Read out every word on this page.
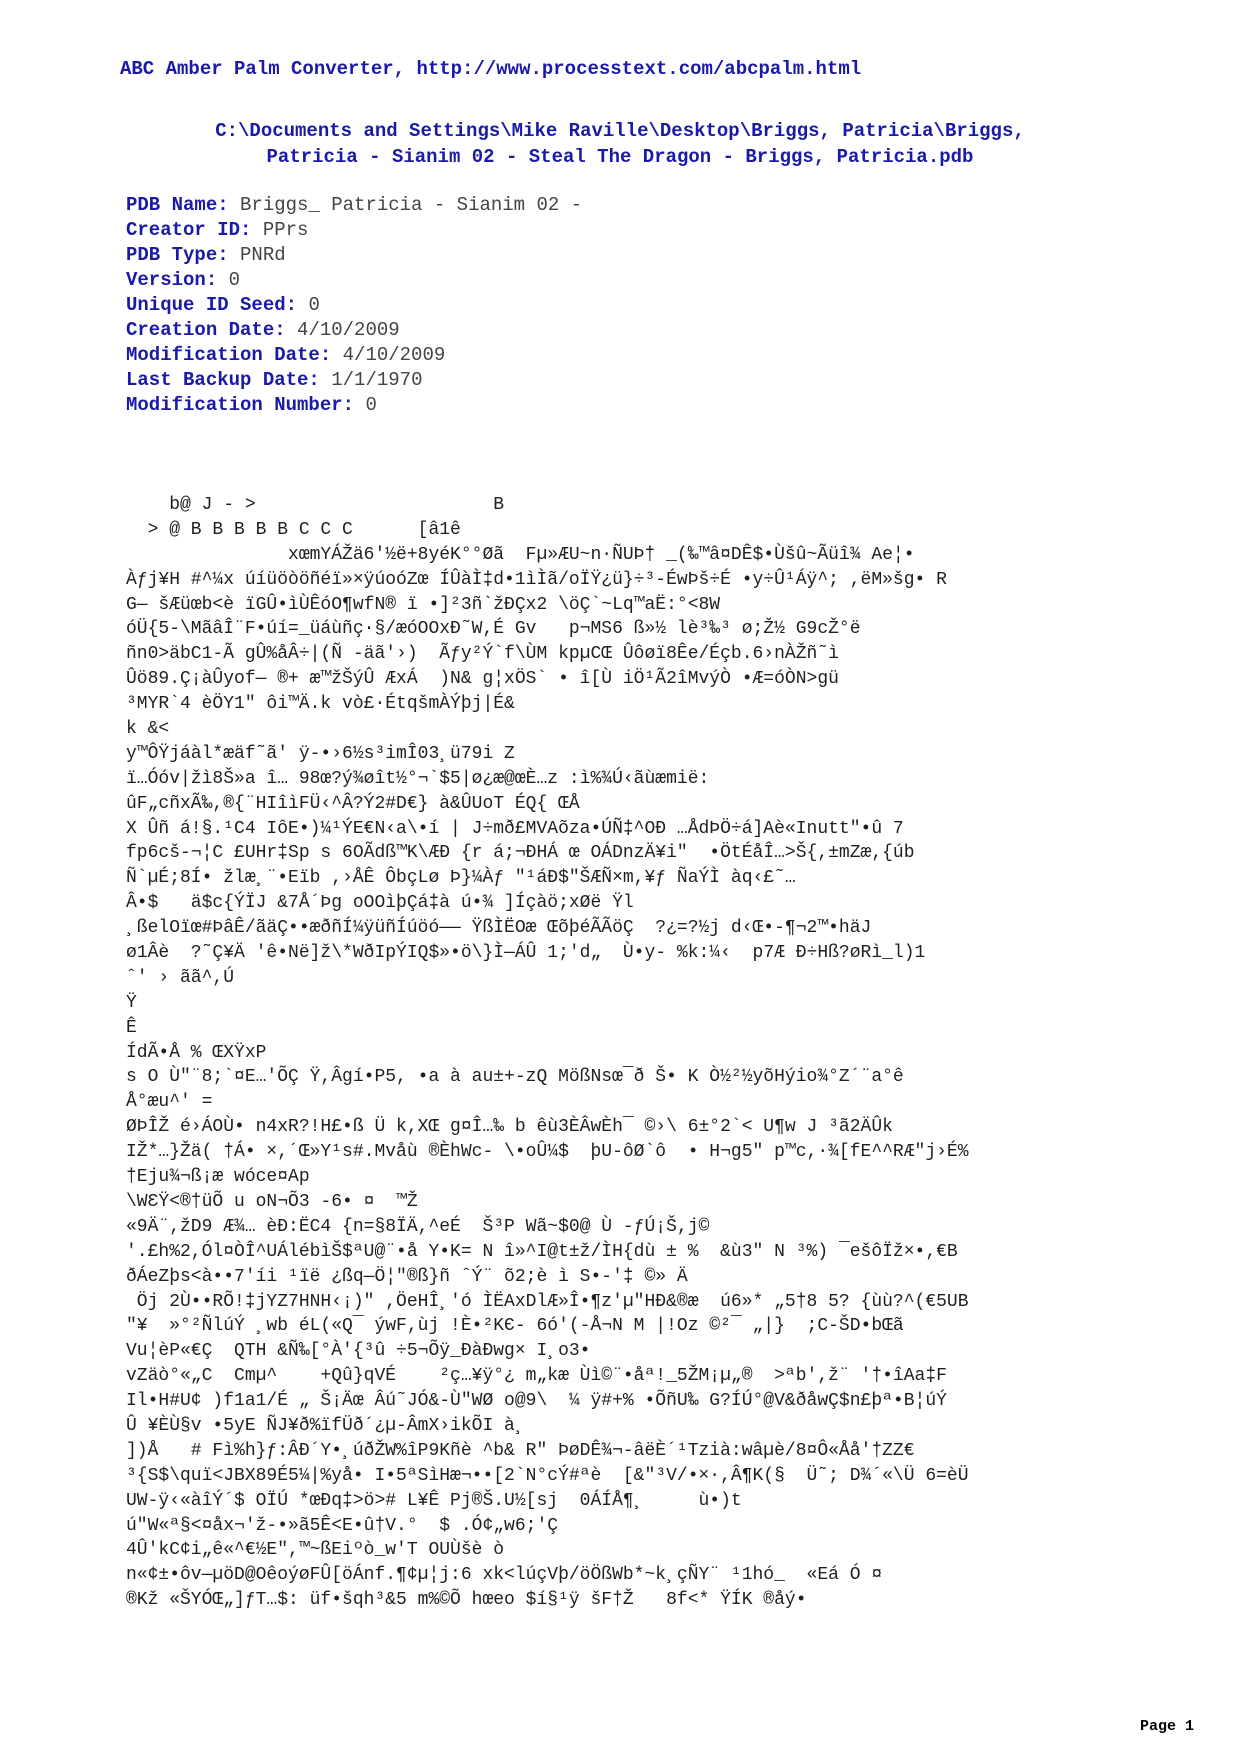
ABC Amber Palm Converter, http://www.processtext.com/abcpalm.html
C:\Documents and Settings\Mike Raville\Desktop\Briggs, Patricia\Briggs,
Patricia - Sianim 02 - Steal The Dragon - Briggs, Patricia.pdb
PDB Name: Briggs_ Patricia - Sianim 02 -
Creator ID: PPrs
PDB Type: PNRd
Version: 0
Unique ID Seed: 0
Creation Date: 4/10/2009
Modification Date: 4/10/2009
Last Backup Date: 1/1/1970
Modification Number: 0
b@ J - >                      B
> @ B B B B B C C C      [â1ê
xœmYÁŽä6'½ë+8yéK°°Øã  Fµ»ÆU~n·ÑUÞ† _(‰™â¤DÊ$•Ùšû~Ãüî¾ Ae¦•
Àƒj¥H #^¼x úíüöòöñéï»×ÿúoóZœ ÍÛàÌ‡d•1ìÌã/oÏŸ¿ü}÷³-ÉwÞš÷É •y÷Û¹Áÿ^; ,ëM»šg• R
G— šÆüœb<è ïGÛ•ìÙÊóO¶wfN® ï •]²3ñ`žÐÇx2 \öÇ`~Lq™aË:°<8W
óÜ{5-\MãâÎ¨F•úí=_üáùñç·§/æóOOxÐ˜W,É Gv   p¬MS6 ß»½ lè³‰³ ø;Ž½ G9cŽ°ë
ñn0>äbC1-Ã gÛ%åÂ÷|(Ñ -äã'›)  Ãƒy²Ý`f\ÙM kpµCŒ Ûôøï8Êe/Éçb.6›nÀŽñ˜ì
Ûö89.Ç¡àÛyof— ®+ æ™žŠýÛ ÆxÁ  )N& g¦xÖS` • î[Ù iÖ¹Ã2îMvýÒ •Æ=óÒN>gü
³MYR`4 èÖY1" ôi™Ä.k vò£·ÉtqšmÀÝþj|É&
k &<
y™ÔŸjáàl*æäf˜ã' ÿ-•›6½s³imÎ03¸ü79i Z
ï…Óóv|žì8Š»a î… 98œ?ý¾øît½°¬`$5|ø¿æ@œÈ…z :ì%¾Ú‹ãùæmië:
ûF„cñxÃ‰,®{¨HIîìFÜ‹^Â?Ý2#D€} à&ÛUoT ÉQ{ ŒÅ
X Ûñ á!§.¹C4 IôE•)¼¹ÝE€N‹a\•í | J÷mð£MVAõza•ÚÑ‡^OÐ …ÅdÞÖ÷á]Aè«Inutt"•û 7
fp6cš-¬¦C £UHr‡Sp s 6OÃdß™K\ÆÐ {r á;¬ÐHÁ œ OÁDnzÄ¥i"  •ÖtÉåÎ…>Š{,±mZæ,{úb
Ñ`µÉ;8Í• žlæ¸¨•Eïb ,›ÅÊ ÔbçLø Þ}¼Àƒ "¹áÐ$"ŠÆÑ×m,¥ƒ ÑaÝÌ àq‹£˜…
Â•$   ä$c{ÝÏJ &7Å´Þg oOOìþÇá‡à ú•¾ ]Íçàö;xØë Ÿl
¸ßelOïœ#ÞâÊ/ãäÇ••æðñÍ¼ÿüñÍúöó—— ŸßÌËOæ ŒõþéÃÃöÇ  ?¿=?½j d‹Œ•-¶¬2™•häJ
ø1Âè  ?˜Ç¥Ä 'ê•Në]ž\*WðIpÝIQ$»•ö\}Ì—ÁÛ 1;'d„  Ù•y- %k:¼‹  p7Æ Ð÷Hß?øRì_l)1
ˆ' › ãã^,Ú
Ÿ
Ê
ÍdÃ•Å % ŒXŸxP
s O Ù"¨8;`¤E…'ÕÇ Ÿ,Âgí•P5, •a à au±+-zQ MößNsœ¯ð Š• K Ò½²½yõHýio¾°Z´¨a°ê
Å°æu^' =
ØÞÎŽ é›ÁOÙ• n4xR?!H£•ß Ü k,XŒ g¤Î…‰ b êù3ÈÂwÈh¯ ©›\ 6±°2`< U¶w J ³ã2ÄÛk
IŽ*…}Žä( †Á• ×,´Œ»Y¹s#.Mvåù ®ÈhWc- \•oÛ¼$  þU-ôØ`ô  • H¬g5" p™c,·¾[fE^^RÆ"j›É%
†Eju¾¬ß¡æ wóce¤Ap
\WƐŸ<®†üÕ u oN¬Õ3 -6• ¤  ™Ž
«9Ä¨,žD9 Æ¾… èÐ:ËC4 {n=§8ÏÄ,^eÉ  Š³P Wã~$0@ Ù -ƒÚ¡Š,j©
'.£h%2,Ól¤ÒÎ^UÁlébìŠ$ªU@¨•å Y•K= N î»^I@t±ž/ÌH{dù ± %  &ù3" N ³%) ¯ešôÏž×•,€B
ðÁeZþs<à••7'íi ¹ïë ¿ßq—Ö¦"®ß}ñ ˆÝ¨ õ2;è ì S•-'‡ ©» Ä
Öj 2Ù••RÕ!‡jYZ7HNH‹¡)" ,ÖeHÎ¸'ó ÌËAxDlÆ»Î•¶z'µ"HÐ&®æ  ú6»* „5†8 5? {ùù?^(€5UB
"¥  »°²ÑlúÝ ¸wb éL(«Q¯ ýwF,ùj !È•²KЄ- 6ó'(-Å¬N M |!Oz ©²¯ „|}  ;C-ŠD•bŒã
Vu¦èP«€Ç  QTH &Ñ‰[°À'{³û ÷5¬Õÿ_ÐàÐwg× I¸o3•
vZäò°«„C  Cmµ^    +Qû}qVÉ    ²ç…¥ÿ°¿ m„kæ Ùì©¨•åª!_5ŽM¡µ„®  >ªb',ž¨ '†•îAa‡F
Il•H#U¢ )f1a1/É „ Š¡Äœ Âú˜JÓ&-Ù"WØ o@9\  ¼ ÿ#+% •ÕñU‰ G?ÍÚ°@V&ðåwÇ$n£þª•B¦úÝ
Û ¥ÈÙ§v •5yE ÑJ¥ð%ïfÜð´¿µ-ÂmX›ikÕI à¸
])Å   # Fì%h}ƒ:ÂÐ´Y•¸úðŽW%îP9Kñè ^b& R" ÞøDÊ¾¬-âëÈ´¹Tzià:wâµè/8¤Ô«Åå'†ZZ€
³{S$\quï<JBX89É5¼|%yå• I•5ªSìHæ¬••[2`N°cÝ#ªè  [&"³V/•×·,Â¶K(§  Ü˜; D¾´«\Ü 6=èÜ
UW-ÿ‹«àîÝ´$ OÏÚ *œÐq‡>ö># L¥Ê Pj®Š.U½[sj  0ÁÍÅ¶¸     ù•)t
ú"W«ª§<¤åx¬'ž-•»ã5Ê<E•û†V.°  $ .Ó¢„w6;'Ç
4Û'kC¢i„ê«^€½E",™~ßEiºò_w'T OUÙšè ò
n«¢±•ôv—µöD@OêoýøFÛ[öÁnf.¶¢µ¦j:6 xk<lúçVþ/öÖßWb*~k¸çÑY¨ ¹1hó_  «Eá Ó ¤
®Kž «ŠYÓŒ„]ƒT…$: üf•šqh³&5 m%©Õ hœeo $í§¹ÿ šF†Ž   8f<* ŸÍK ®åý•
Page 1
